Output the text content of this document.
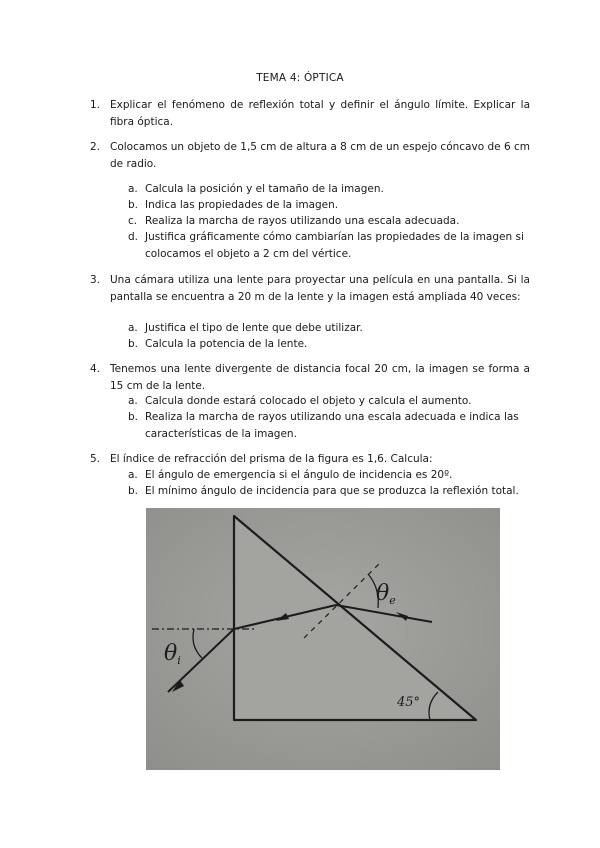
TEMA 4: ÓPTICA
1. Explicar el fenómeno de reflexión total y definir el ángulo límite. Explicar la fibra óptica.
2. Colocamos un objeto de 1,5 cm de altura a 8 cm de un espejo cóncavo de 6 cm de radio.
a. Calcula la posición y el tamaño de la imagen.
b. Indica las propiedades de la imagen.
c. Realiza la marcha de rayos utilizando una escala adecuada.
d. Justifica gráficamente cómo cambiarían las propiedades de la imagen si colocamos el objeto a 2 cm del vértice.
3. Una cámara utiliza una lente para proyectar una película en una pantalla. Si la pantalla se encuentra a 20 m de la lente y la imagen está ampliada 40 veces:
a. Justifica el tipo de lente que debe utilizar.
b. Calcula la potencia de la lente.
4. Tenemos una lente divergente de distancia focal 20 cm, la imagen se forma a 15 cm de la lente.
a. Calcula donde estará colocado el objeto y calcula el aumento.
b. Realiza la marcha de rayos utilizando una escala adecuada e indica las características de la imagen.
5. El índice de refracción del prisma de la figura es 1,6. Calcula:
a. El ángulo de emergencia si el ángulo de incidencia es 20º.
b. El mínimo ángulo de incidencia para que se produzca la reflexión total.
θi
θe
45°
